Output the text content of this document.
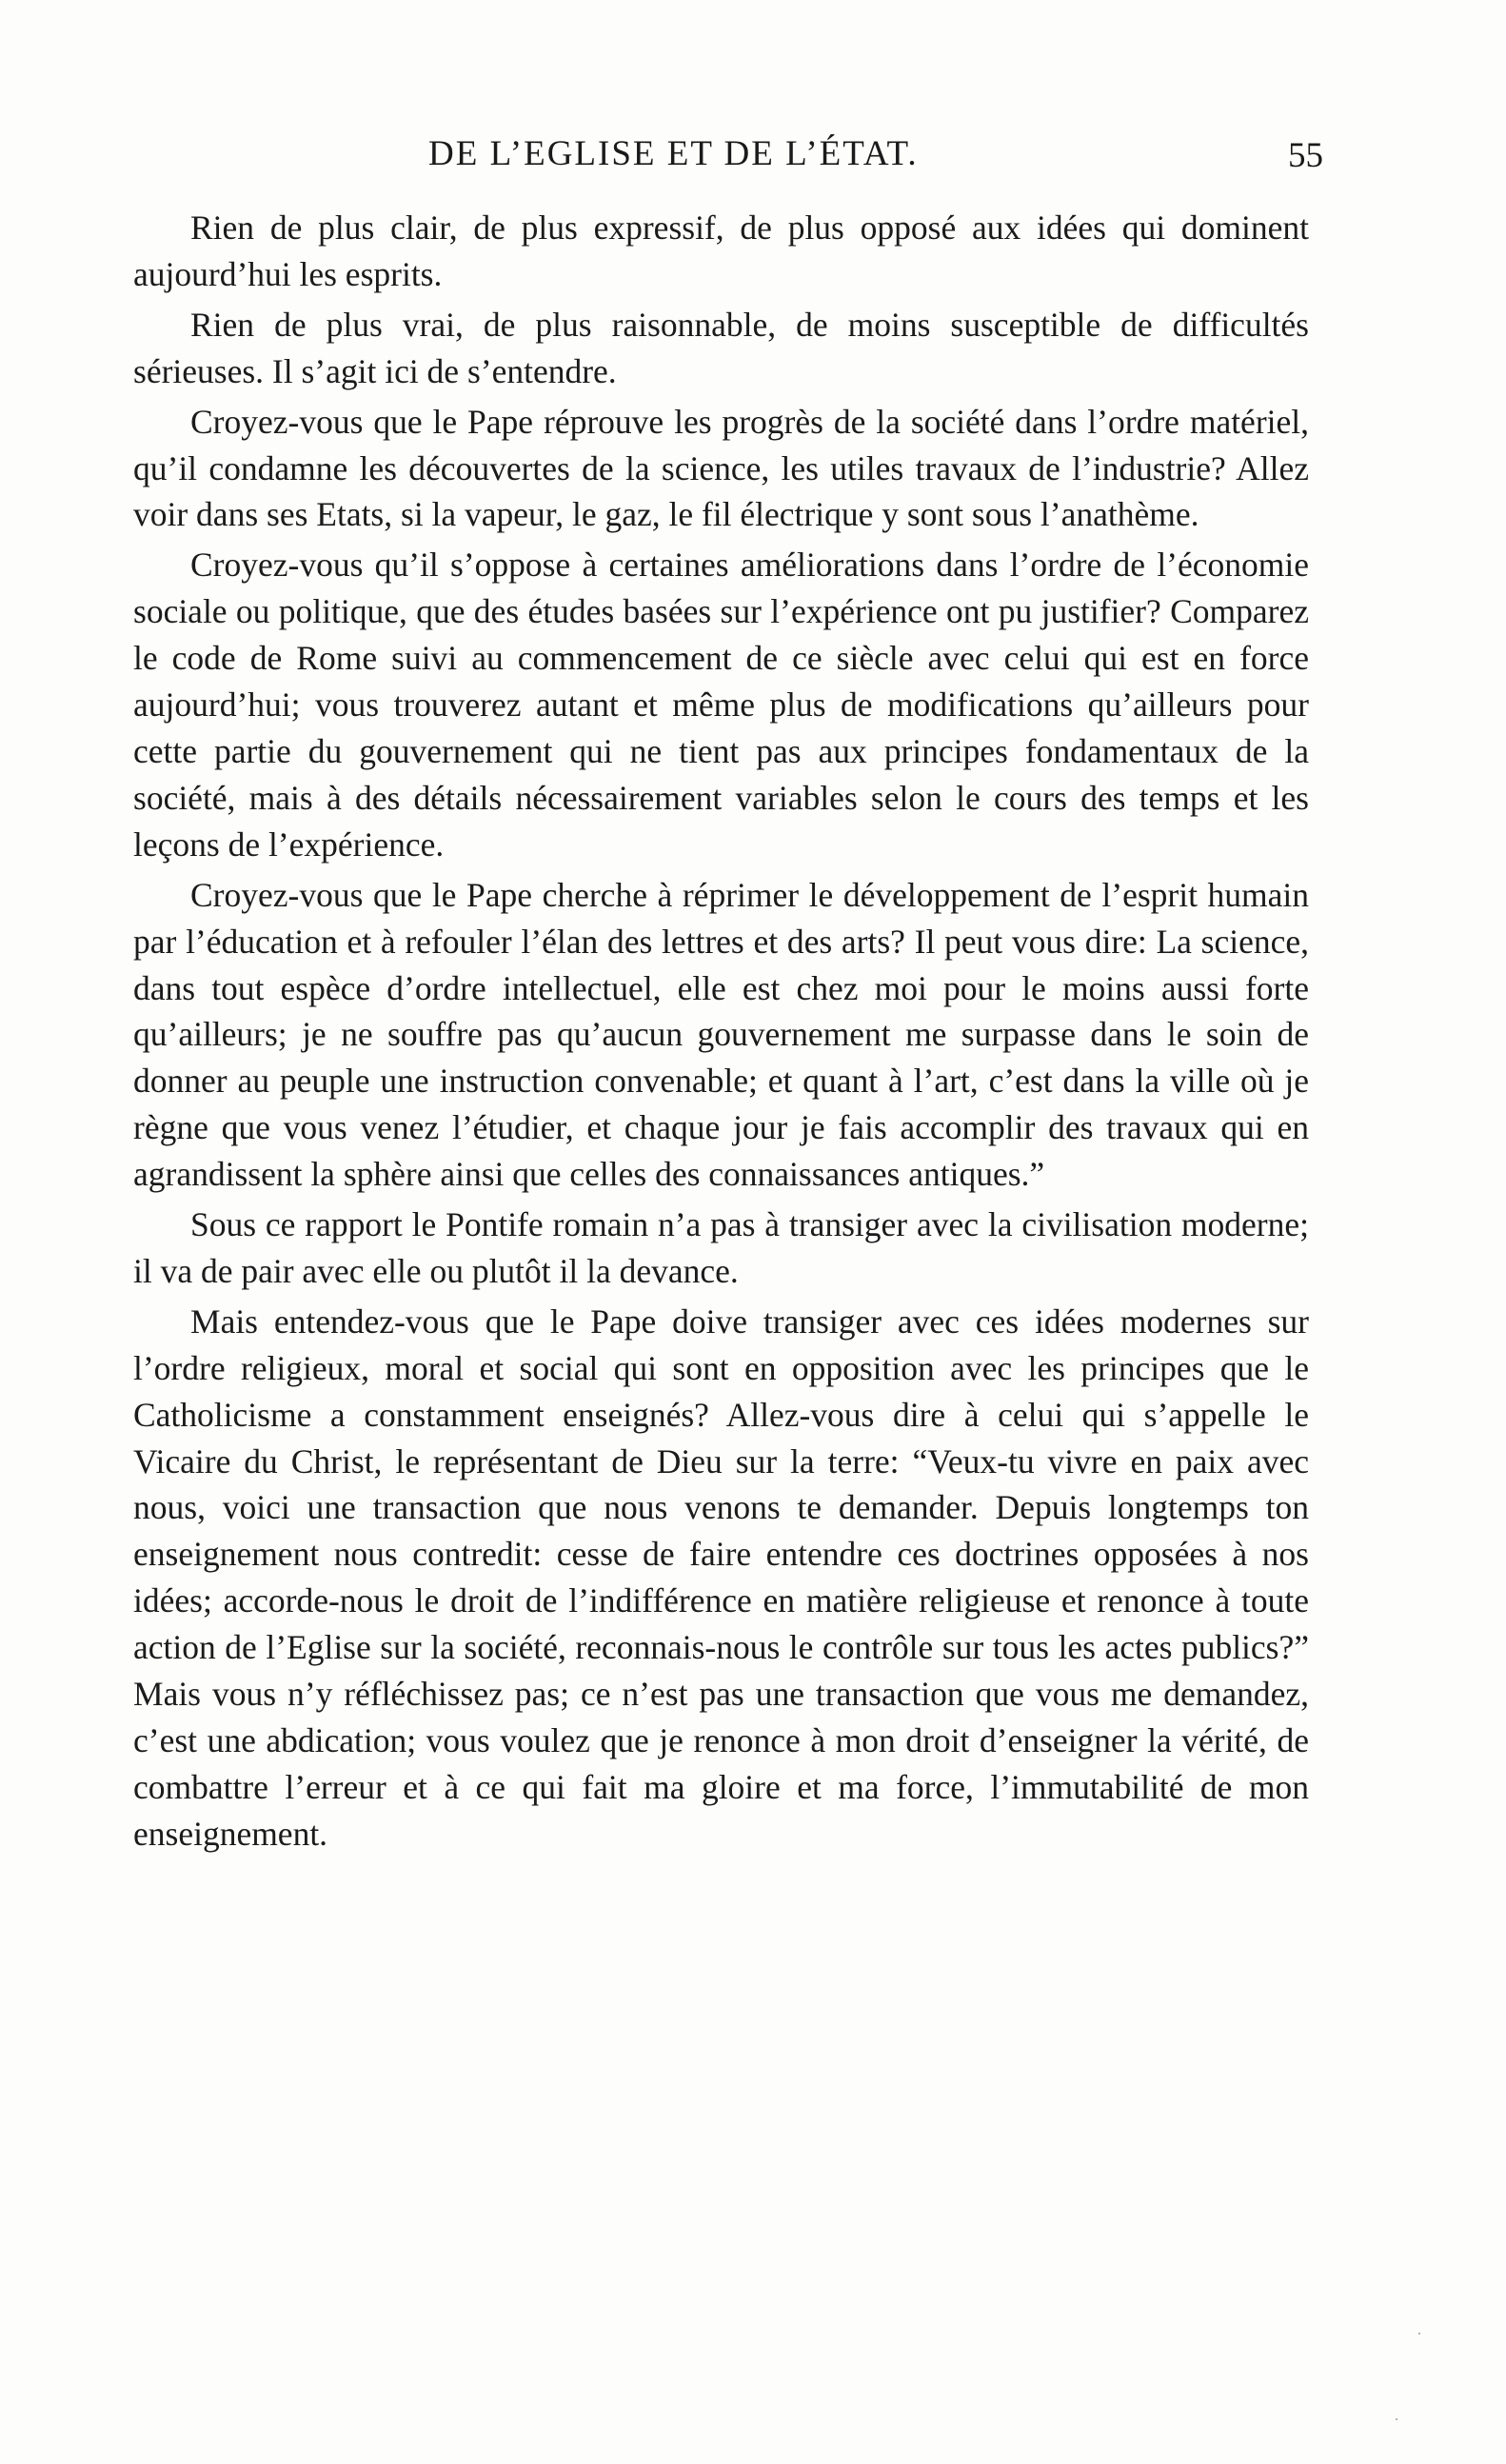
DE L’EGLISE ET DE L’ÉTAT.	55

Rien de plus clair, de plus expressif, de plus opposé aux idées qui dominent aujourd’hui les esprits.

Rien de plus vrai, de plus raisonnable, de moins susceptible de difficultés sérieuses. Il s’agit ici de s’entendre.

Croyez-vous que le Pape réprouve les progrès de la société dans l’ordre matériel, qu’il condamne les découvertes de la science, les utiles travaux de l’industrie? Allez voir dans ses Etats, si la vapeur, le gaz, le fil électrique y sont sous l’anathème.

Croyez-vous qu’il s’oppose à certaines améliorations dans l’ordre de l’économie sociale ou politique, que des études basées sur l’expérience ont pu justifier? Comparez le code de Rome suivi au commencement de ce siècle avec celui qui est en force aujourd’hui; vous trouverez autant et même plus de modifications qu’ailleurs pour cette partie du gouvernement qui ne tient pas aux principes fondamentaux de la société, mais à des détails nécessairement variables selon le cours des temps et les leçons de l’expérience.

Croyez-vous que le Pape cherche à réprimer le développement de l’esprit humain par l’éducation et à refouler l’élan des lettres et des arts? Il peut vous dire: La science, dans tout espèce d’ordre intellectuel, elle est chez moi pour le moins aussi forte qu’ailleurs; je ne souffre pas qu’aucun gouvernement me surpasse dans le soin de donner au peuple une instruction convenable; et quant à l’art, c’est dans la ville où je règne que vous venez l’étudier, et chaque jour je fais accomplir des travaux qui en agrandissent la sphère ainsi que celles des connaissances antiques.”

Sous ce rapport le Pontife romain n’a pas à transiger avec la civilisation moderne; il va de pair avec elle ou plutôt il la devance.

Mais entendez-vous que le Pape doive transiger avec ces idées modernes sur l’ordre religieux, moral et social qui sont en opposition avec les principes que le Catholicisme a constamment enseignés? Allez-vous dire à celui qui s’appelle le Vicaire du Christ, le représentant de Dieu sur la terre: “Veux-tu vivre en paix avec nous, voici une transaction que nous venons te demander. Depuis longtemps ton enseignement nous contredit: cesse de faire entendre ces doctrines opposées à nos idées; accorde-nous le droit de l’indifférence en matière religieuse et renonce à toute action de l’Eglise sur la société, reconnais-nous le contrôle sur tous les actes publics?” Mais vous n’y réfléchissez pas; ce n’est pas une transaction que vous me demandez, c’est une abdication; vous voulez que je renonce à mon droit d’enseigner la vérité, de combattre l’erreur et à ce qui fait ma gloire et ma force, l’immutabilité de mon enseignement.
